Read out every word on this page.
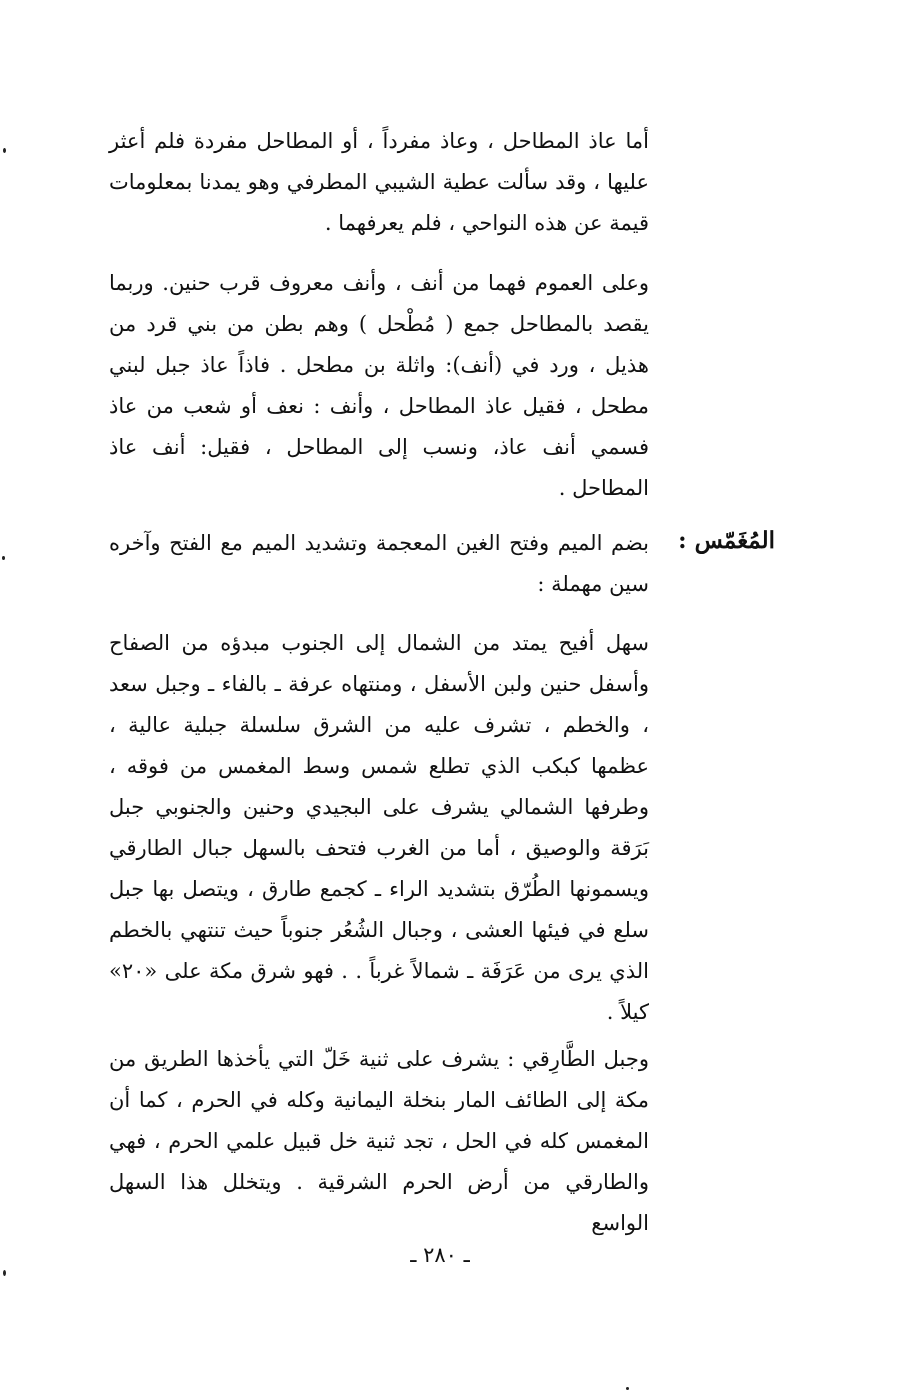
أما عاذ المطاحل ، وعاذ مفرداً ، أو المطاحل مفردة فلم أعثر عليها ، وقد سألت عطية الشيبي المطرفي وهو يمدنا بمعلومات قيمة عن هذه النواحي ، فلم يعرفهما .

وعلى العموم فهما من أنف ، وأنف معروف قرب حنين. وربما يقصد بالمطاحل جمع ( مُطْحل ) وهم بطن من بني قرد من هذيل ، ورد في (أنف): واثلة بن مطحل . فاذاً عاذ جبل لبني مطحل ، فقيل عاذ المطاحل ، وأنف : نعف أو شعب من عاذ فسمي أنف عاذ، ونسب إلى المطاحل ، فقيل: أنف عاذ المطاحل .

المُغَمّس :

بضم الميم وفتح الغين المعجمة وتشديد الميم مع الفتح وآخره سين مهملة :

سهل أفيح يمتد من الشمال إلى الجنوب مبدؤه من الصفاح وأسفل حنين ولبن الأسفل ، ومنتهاه عرفة ـ بالفاء ـ وجبل سعد ، والخطم ، تشرف عليه من الشرق سلسلة جبلية عالية ، عظمها كبكب الذي تطلع شمس وسط المغمس من فوقه ، وطرفها الشمالي يشرف على البجيدي وحنين والجنوبي جبل بَرَقة والوصيق ، أما من الغرب فتحف بالسهل جبال الطارقي ويسمونها الطُرّق بتشديد الراء ـ كجمع طارق ، ويتصل بها جبل سلع في فيئها العشى ، وجبال الشُعُر جنوباً حيث تنتهي بالخطم الذي يرى من عَرَفَة ـ شمالاً غرباً . . فهو شرق مكة على «٢٠» كيلاً .

وجبل الطَّارِقي : يشرف على ثنية خَلّ التي يأخذها الطريق من مكة إلى الطائف المار بنخلة اليمانية وكله في الحرم ، كما أن المغمس كله في الحل ، تجد ثنية خل قبيل علمي الحرم ، فهي والطارقي من أرض الحرم الشرقية . ويتخلل هذا السهل الواسع

ـ ٢٨٠ ـ
